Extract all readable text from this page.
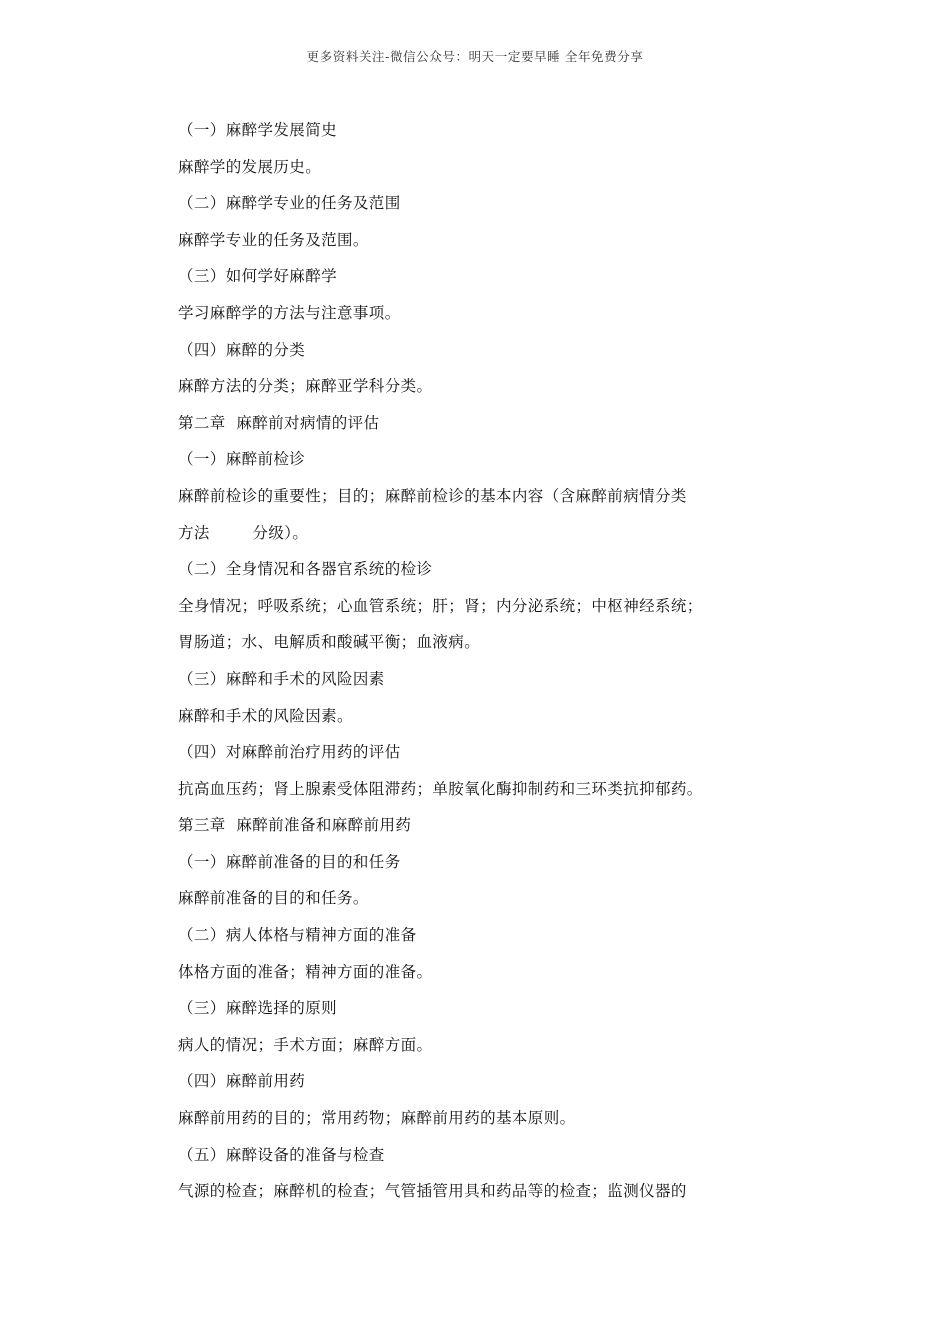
更多资料关注-微信公众号：明天一定要早睡 全年免费分享
（一）麻醉学发展简史
麻醉学的发展历史。
（二）麻醉学专业的任务及范围
麻醉学专业的任务及范围。
（三）如何学好麻醉学
学习麻醉学的方法与注意事项。
（四）麻醉的分类
麻醉方法的分类；麻醉亚学科分类。
第二章  麻醉前对病情的评估
（一）麻醉前检诊
麻醉前检诊的重要性；目的；麻醉前检诊的基本内容（含麻醉前病情分类
方法        分级）。
（二）全身情况和各器官系统的检诊
全身情况；呼吸系统；心血管系统；肝；肾；内分泌系统；中枢神经系统；
胃肠道；水、电解质和酸碱平衡；血液病。
（三）麻醉和手术的风险因素
麻醉和手术的风险因素。
（四）对麻醉前治疗用药的评估
抗高血压药；肾上腺素受体阻滞药；单胺氧化酶抑制药和三环类抗抑郁药。
第三章  麻醉前准备和麻醉前用药
（一）麻醉前准备的目的和任务
麻醉前准备的目的和任务。
（二）病人体格与精神方面的准备
体格方面的准备；精神方面的准备。
（三）麻醉选择的原则
病人的情况；手术方面；麻醉方面。
（四）麻醉前用药
麻醉前用药的目的；常用药物；麻醉前用药的基本原则。
（五）麻醉设备的准备与检查
气源的检查；麻醉机的检查；气管插管用具和药品等的检查；监测仪器的
